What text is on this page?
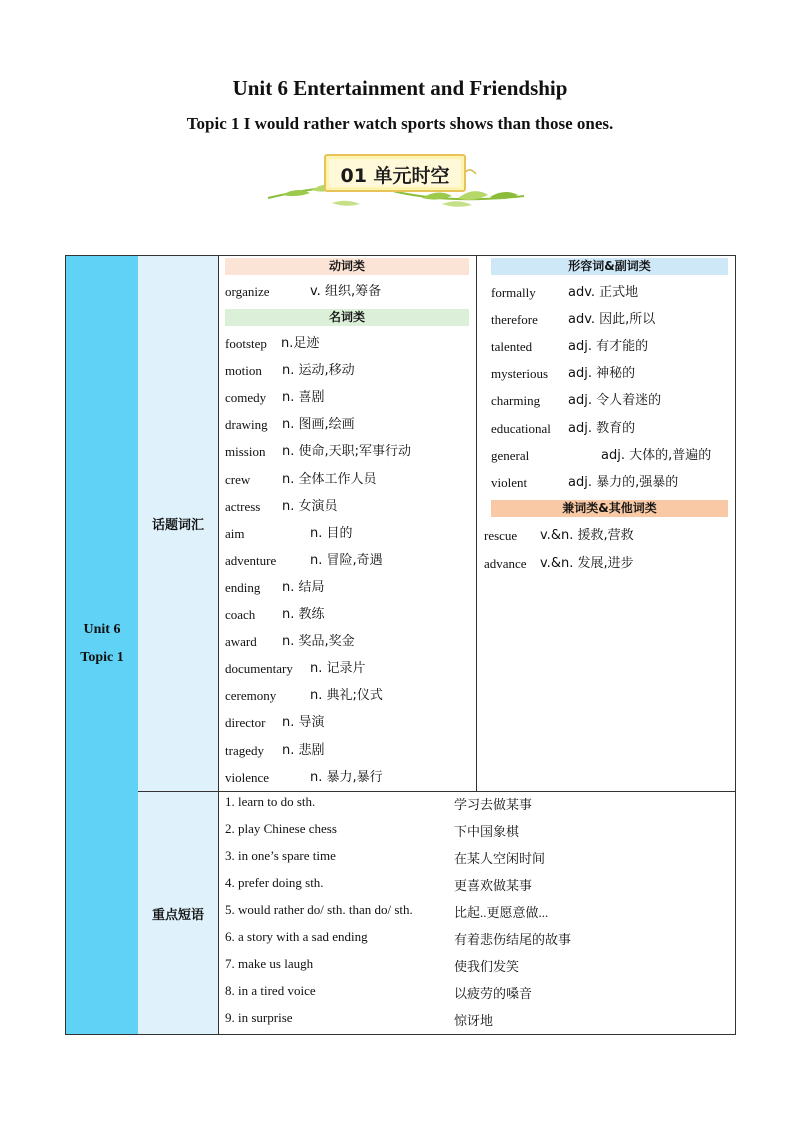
Unit 6 Entertainment and Friendship
Topic 1 I would rather watch sports shows than those ones.
01 单元时空
Unit 6
Topic 1
话题词汇
重点短语
动词类
organize	v. 组织,筹备
名词类
footstep n.足迹
motion n. 运动,移动
comedy n. 喜剧
drawing n. 图画,绘画
mission n. 使命,天职;军事行动
crew n. 全体工作人员
actress n. 女演员
aim	n. 目的
adventure	n. 冒险,奇遇
ending n. 结局
coach n. 教练
award n. 奖品,奖金
documentary n. 记录片
ceremony	n. 典礼;仪式
director n. 导演
tragedy n. 悲剧
violence	n. 暴力,暴行
形容词&副词类
formally adv. 正式地
therefore adv. 因此,所以
talented	adj. 有才能的
mysterious adj. 神秘的
charming adj. 令人着迷的
educational adj. 教育的
general	adj. 大体的,普遍的
violent	adj. 暴力的,强暴的
兼词类&其他词类
rescue v.&n. 援救,营救
advance v.&n. 发展,进步
1. learn to do sth.	学习去做某事
2. play Chinese chess	下中国象棋
3. in one’s spare time	在某人空闲时间
4. prefer doing sth.	更喜欢做某事
5. would rather do/ sth. than do/ sth.	比起..更愿意做...
6. a story with a sad ending	有着悲伤结尾的故事
7. make us laugh	使我们发笑
8. in a tired voice	以疲劳的嗓音
9. in surprise	惊讶地
